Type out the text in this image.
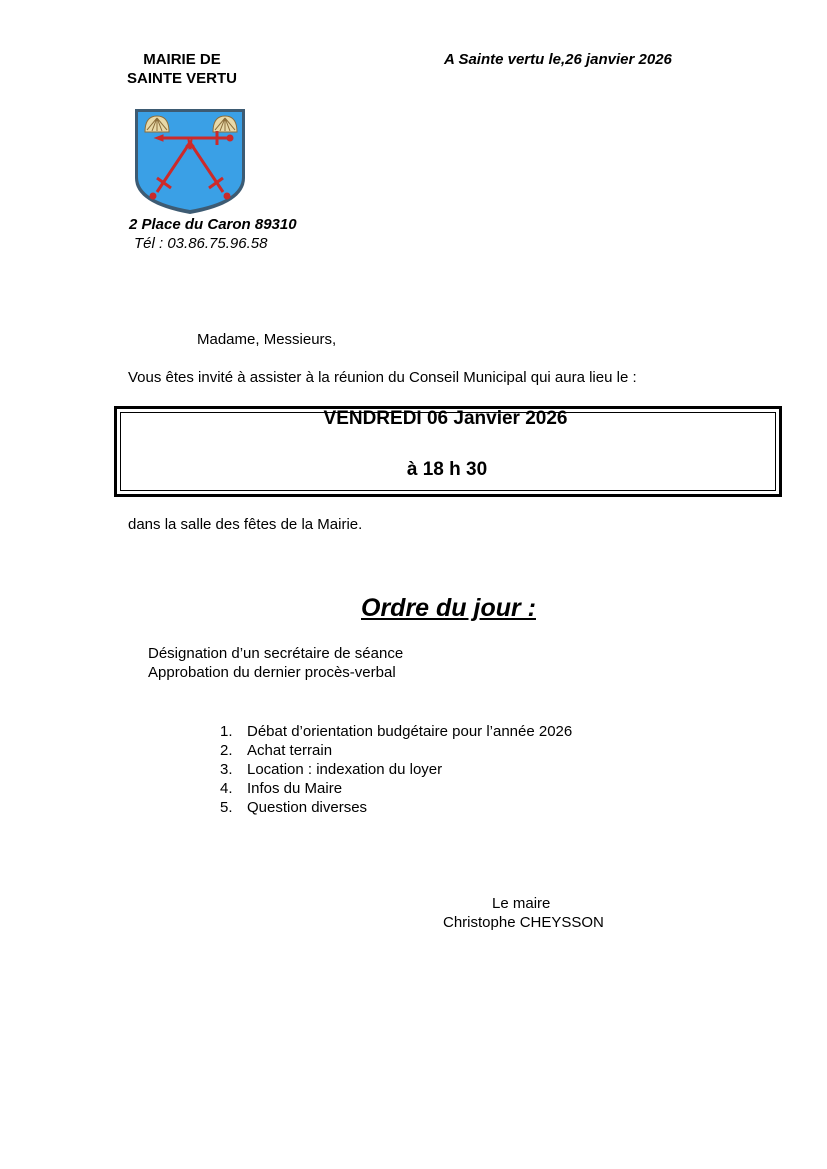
MAIRIE DE
SAINTE VERTU
A Sainte vertu le,26 janvier 2026
2 Place du Caron 89310
Tél : 03.86.75.96.58
Madame, Messieurs,
Vous êtes invité à assister à la réunion du Conseil Municipal qui aura lieu le :
VENDREDI 06 Janvier 2026
à 18 h 30
dans la salle des fêtes de la Mairie.
Ordre du jour :
Désignation d’un secrétaire de séance
Approbation du dernier procès-verbal
1. Débat d’orientation budgétaire pour l’année 2026
2. Achat terrain
3. Location : indexation du loyer
4. Infos du Maire
5. Question diverses
Le maire
Christophe CHEYSSON
